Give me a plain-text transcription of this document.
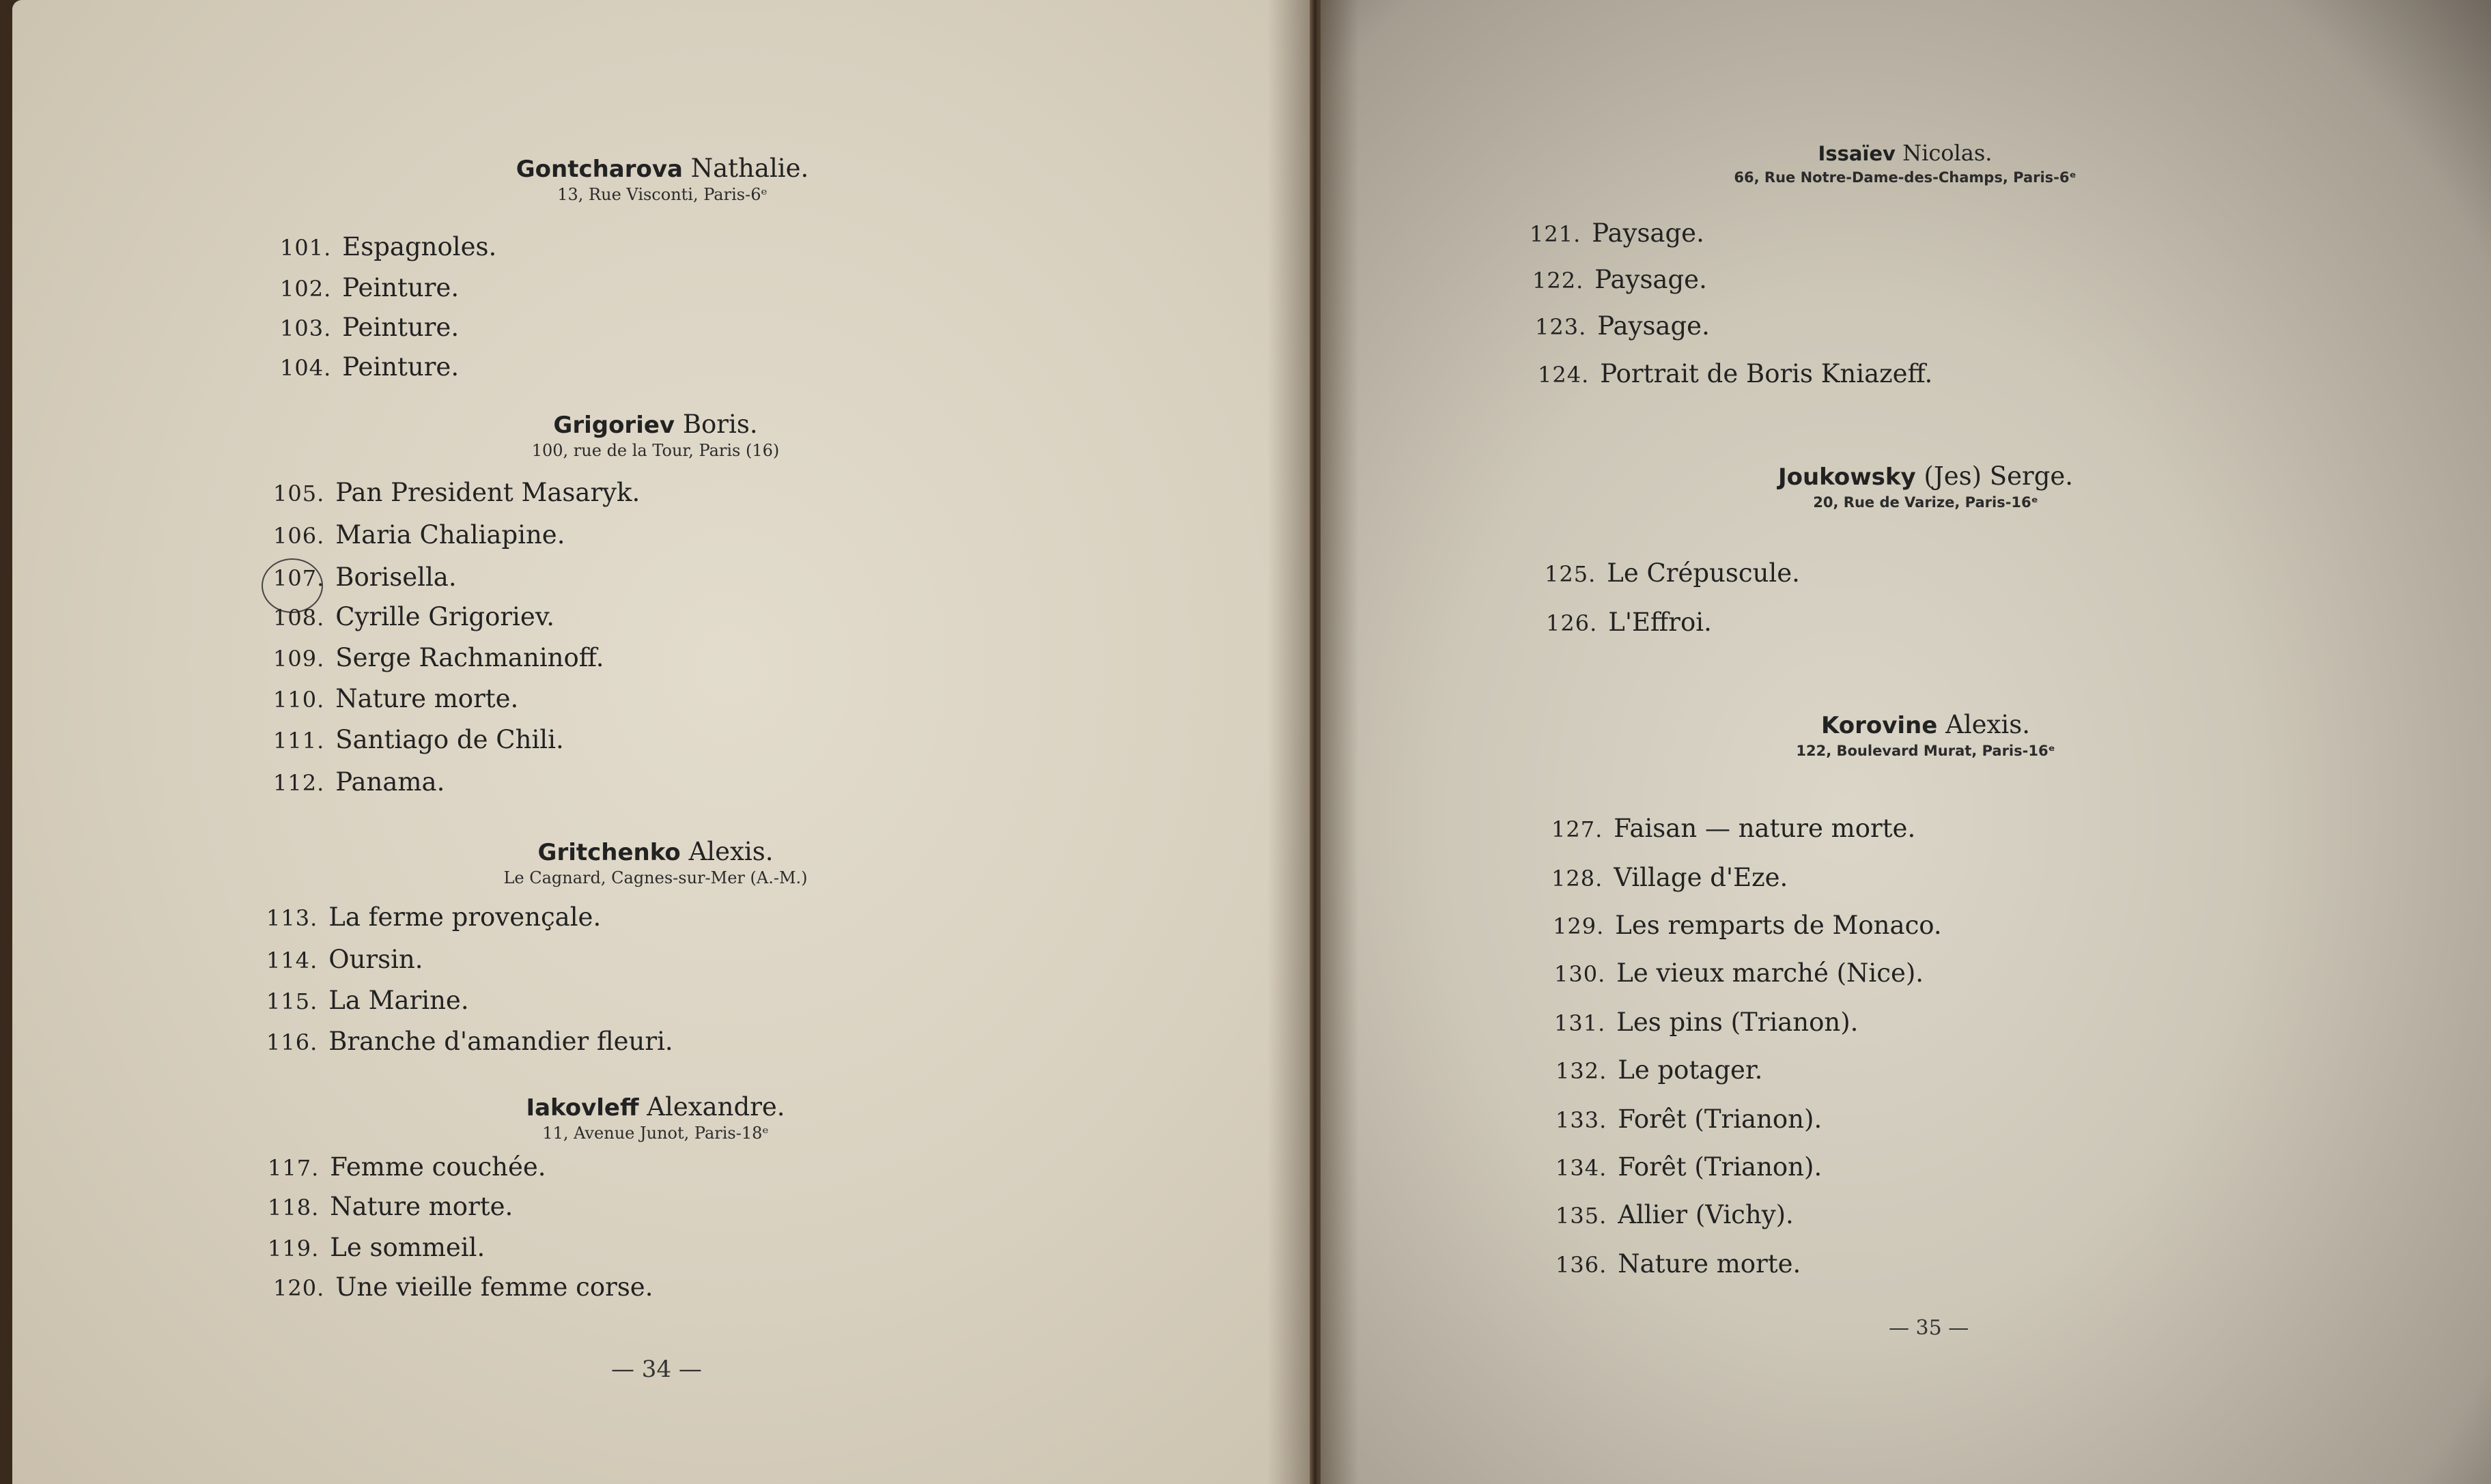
Gontcharova Nathalie.
13, Rue Visconti, Paris-6ᵉ
101. Espagnoles.
102. Peinture.
103. Peinture.
104. Peinture.
Grigoriev Boris.
100, rue de la Tour, Paris (16)
105. Pan President Masaryk.
106. Maria Chaliapine.
107. Borisella.
108. Cyrille Grigoriev.
109. Serge Rachmaninoff.
110. Nature morte.
111. Santiago de Chili.
112. Panama.
Gritchenko Alexis.
Le Cagnard, Cagnes-sur-Mer (A.-M.)
113. La ferme provençale.
114. Oursin.
115. La Marine.
116. Branche d'amandier fleuri.
Iakovleff Alexandre.
11, Avenue Junot, Paris-18ᵉ
117. Femme couchée.
118. Nature morte.
119. Le sommeil.
120. Une vieille femme corse.
— 34 —
Issaïev Nicolas.
66, Rue Notre-Dame-des-Champs, Paris-6ᵉ
121. Paysage.
122. Paysage.
123. Paysage.
124. Portrait de Boris Kniazeff.
Joukowsky (Jes) Serge.
20, Rue de Varize, Paris-16ᵉ
125. Le Crépuscule.
126. L'Effroi.
Korovine Alexis.
122, Boulevard Murat, Paris-16ᵉ
127. Faisan — nature morte.
128. Village d'Eze.
129. Les remparts de Monaco.
130. Le vieux marché (Nice).
131. Les pins (Trianon).
132. Le potager.
133. Forêt (Trianon).
134. Forêt (Trianon).
135. Allier (Vichy).
136. Nature morte.
— 35 —
